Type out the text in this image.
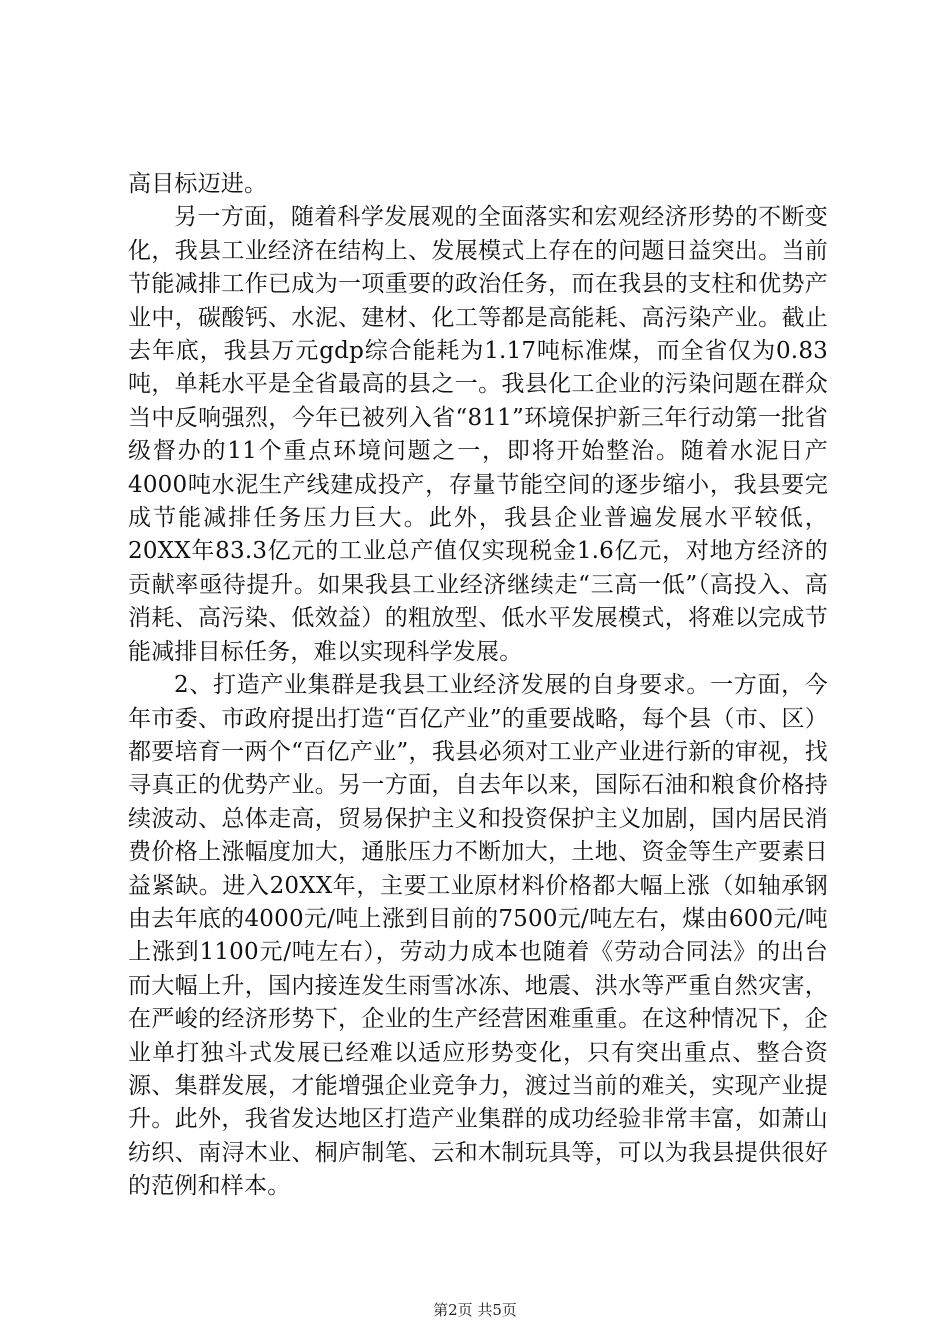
高目标迈进。

另一方面，随着科学发展观的全面落实和宏观经济形势的不断变化，我县工业经济在结构上、发展模式上存在的问题日益突出。当前节能减排工作已成为一项重要的政治任务，而在我县的支柱和优势产业中，碳酸钙、水泥、建材、化工等都是高能耗、高污染产业。截止去年底，我县万元gdp综合能耗为1.17吨标准煤，而全省仅为0.83吨，单耗水平是全省最高的县之一。我县化工企业的污染问题在群众当中反响强烈，今年已被列入省“811”环境保护新三年行动第一批省级督办的11个重点环境问题之一，即将开始整治。随着水泥日产4000吨水泥生产线建成投产，存量节能空间的逐步缩小，我县要完成节能减排任务压力巨大。此外，我县企业普遍发展水平较低，20XX年83.3亿元的工业总产值仅实现税金1.6亿元，对地方经济的贡献率亟待提升。如果我县工业经济继续走“三高一低”（高投入、高消耗、高污染、低效益）的粗放型、低水平发展模式，将难以完成节能减排目标任务，难以实现科学发展。

2、打造产业集群是我县工业经济发展的自身要求。一方面，今年市委、市政府提出打造“百亿产业”的重要战略，每个县（市、区）都要培育一两个“百亿产业”，我县必须对工业产业进行新的审视，找寻真正的优势产业。另一方面，自去年以来，国际石油和粮食价格持续波动、总体走高，贸易保护主义和投资保护主义加剧，国内居民消费价格上涨幅度加大，通胀压力不断加大，土地、资金等生产要素日益紧缺。进入20XX年，主要工业原材料价格都大幅上涨（如轴承钢由去年底的4000元/吨上涨到目前的7500元/吨左右，煤由600元/吨上涨到1100元/吨左右），劳动力成本也随着《劳动合同法》的出台而大幅上升，国内接连发生雨雪冰冻、地震、洪水等严重自然灾害，在严峻的经济形势下，企业的生产经营困难重重。在这种情况下，企业单打独斗式发展已经难以适应形势变化，只有突出重点、整合资源、集群发展，才能增强企业竞争力，渡过当前的难关，实现产业提升。此外，我省发达地区打造产业集群的成功经验非常丰富，如萧山纺织、南浔木业、桐庐制笔、云和木制玩具等，可以为我县提供很好的范例和样本。

第2页 共5页
